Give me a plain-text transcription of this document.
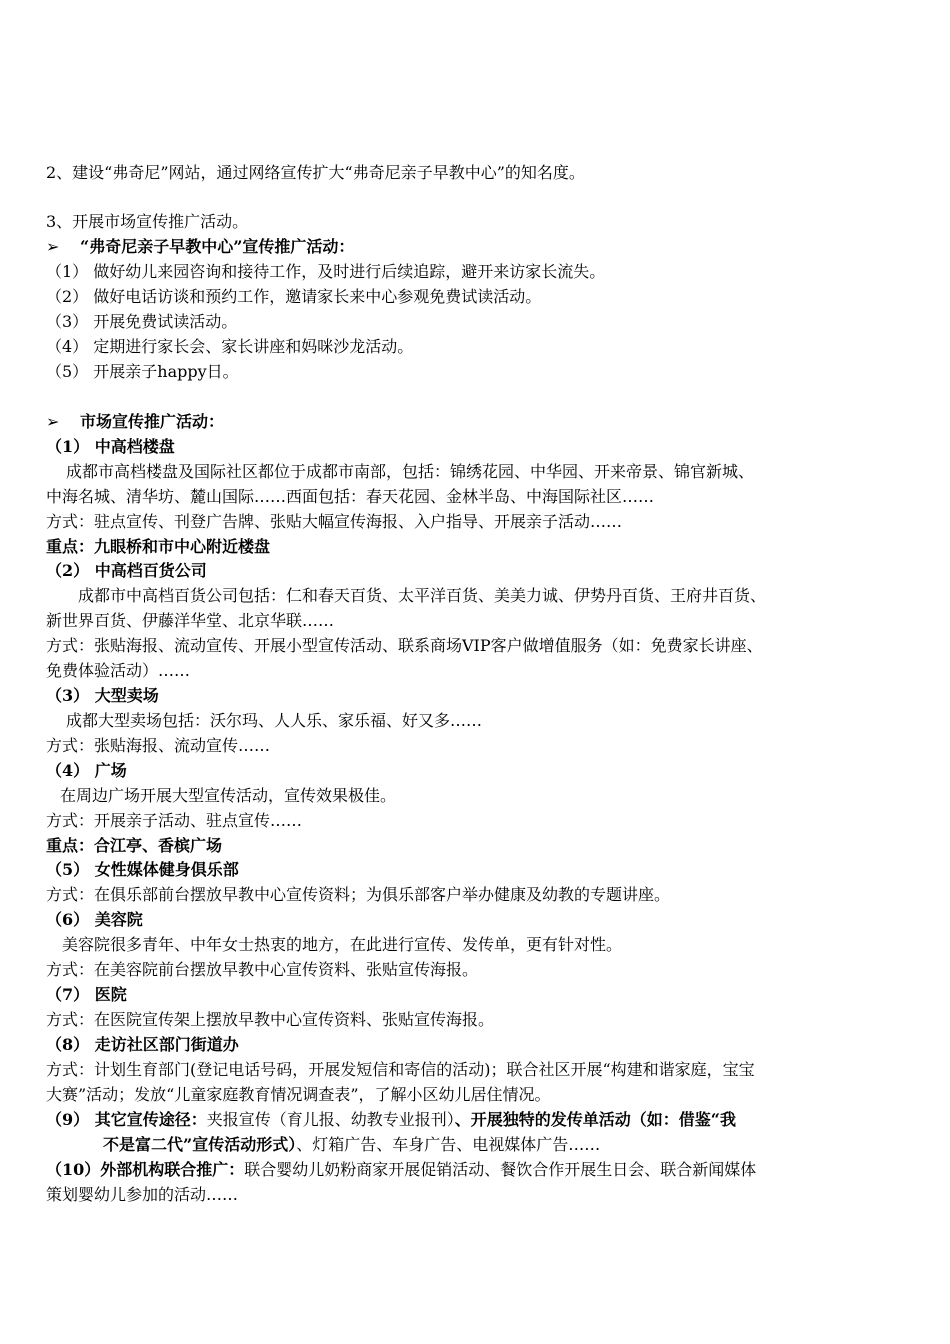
2、建设“弗奇尼”网站，通过网络宣传扩大“弗奇尼亲子早教中心”的知名度。
3、开展市场宣传推广活动。
➢ “弗奇尼亲子早教中心”宣传推广活动：
（1） 做好幼儿来园咨询和接待工作，及时进行后续追踪，避开来访家长流失。
（2） 做好电话访谈和预约工作，邀请家长来中心参观免费试读活动。
（3） 开展免费试读活动。
（4） 定期进行家长会、家长讲座和妈咪沙龙活动。
（5） 开展亲子happy日。
➢ 市场宣传推广活动：
（1） 中高档楼盘
成都市高档楼盘及国际社区都位于成都市南部，包括：锦绣花园、中华园、开来帝景、锦官新城、
中海名城、清华坊、麓山国际……西面包括：春天花园、金林半岛、中海国际社区……
方式：驻点宣传、刊登广告牌、张贴大幅宣传海报、入户指导、开展亲子活动……
重点：九眼桥和市中心附近楼盘
（2） 中高档百货公司
成都市中高档百货公司包括：仁和春天百货、太平洋百货、美美力诚、伊势丹百货、王府井百货、
新世界百货、伊藤洋华堂、北京华联……
方式：张贴海报、流动宣传、开展小型宣传活动、联系商场VIP客户做增值服务（如：免费家长讲座、
免费体验活动）……
（3） 大型卖场
成都大型卖场包括：沃尔玛、人人乐、家乐福、好又多……
方式：张贴海报、流动宣传……
（4） 广场
在周边广场开展大型宣传活动，宣传效果极佳。
方式：开展亲子活动、驻点宣传……
重点：合江亭、香槟广场
（5） 女性媒体健身俱乐部
方式：在俱乐部前台摆放早教中心宣传资料；为俱乐部客户举办健康及幼教的专题讲座。
（6） 美容院
美容院很多青年、中年女士热衷的地方，在此进行宣传、发传单，更有针对性。
方式：在美容院前台摆放早教中心宣传资料、张贴宣传海报。
（7） 医院
方式：在医院宣传架上摆放早教中心宣传资料、张贴宣传海报。
（8） 走访社区部门街道办
方式：计划生育部门(登记电话号码，开展发短信和寄信的活动)；联合社区开展“构建和谐家庭，宝宝
大赛”活动；发放“儿童家庭教育情况调查表”，了解小区幼儿居住情况。
（9） 其它宣传途径：夹报宣传（育儿报、幼教专业报刊）、开展独特的发传单活动（如：借鉴“我
不是富二代”宣传活动形式）、灯箱广告、车身广告、电视媒体广告……
（10）外部机构联合推广：联合婴幼儿奶粉商家开展促销活动、餐饮合作开展生日会、联合新闻媒体
策划婴幼儿参加的活动……
